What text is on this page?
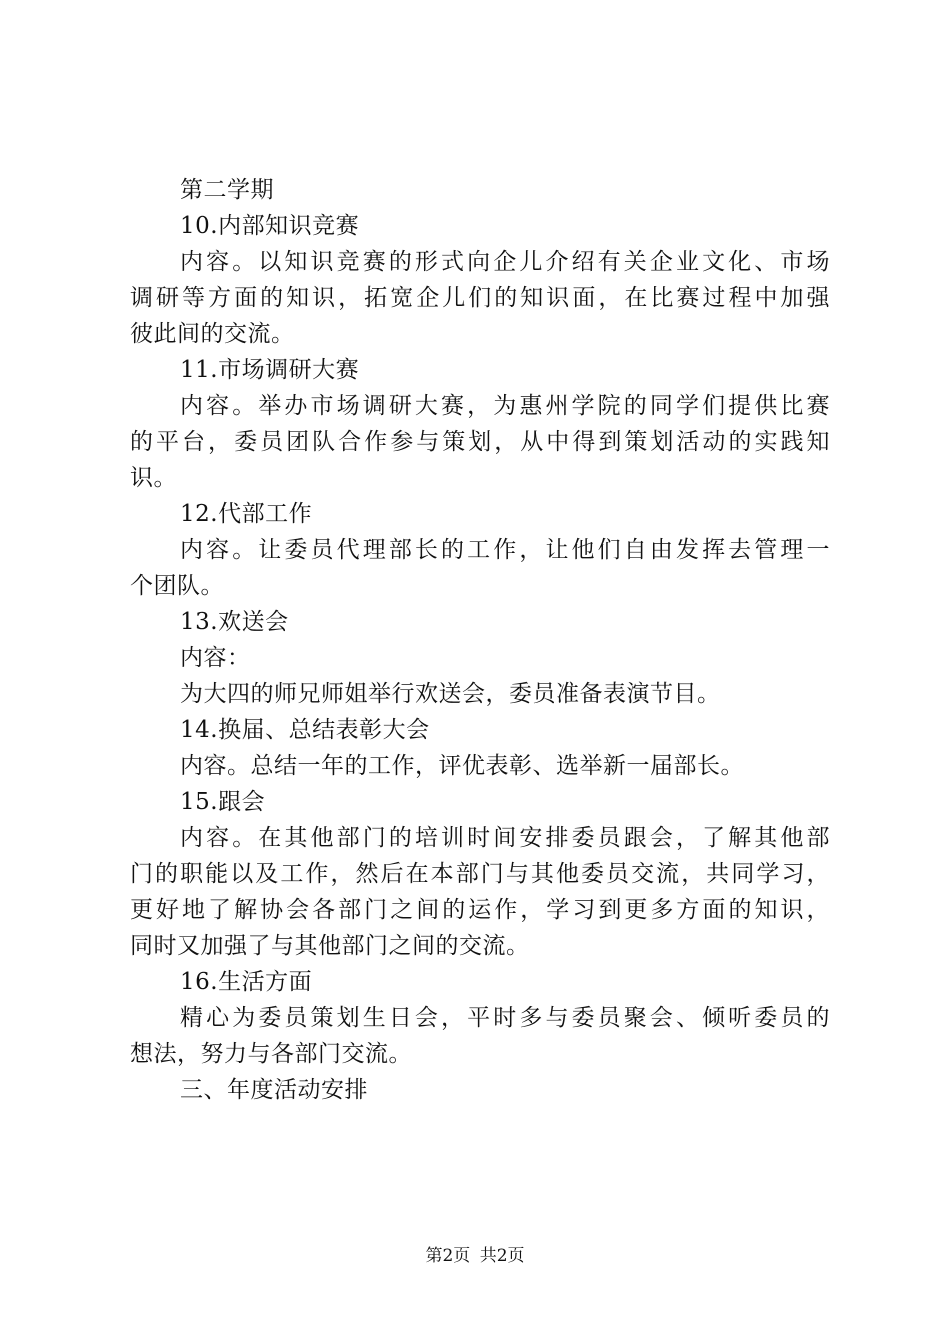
第二学期
10.内部知识竞赛
内容。以知识竞赛的形式向企儿介绍有关企业文化、市场
调研等方面的知识，拓宽企儿们的知识面，在比赛过程中加强
彼此间的交流。
11.市场调研大赛
内容。举办市场调研大赛，为惠州学院的同学们提供比赛
的平台，委员团队合作参与策划，从中得到策划活动的实践知
识。
12.代部工作
内容。让委员代理部长的工作，让他们自由发挥去管理一
个团队。
13.欢送会
内容：
为大四的师兄师姐举行欢送会，委员准备表演节目。
14.换届、总结表彰大会
内容。总结一年的工作，评优表彰、选举新一届部长。
15.跟会
内容。在其他部门的培训时间安排委员跟会，了解其他部
门的职能以及工作，然后在本部门与其他委员交流，共同学习，
更好地了解协会各部门之间的运作，学习到更多方面的知识，
同时又加强了与其他部门之间的交流。
16.生活方面
精心为委员策划生日会，平时多与委员聚会、倾听委员的
想法，努力与各部门交流。
三、年度活动安排
第2页 共2页
